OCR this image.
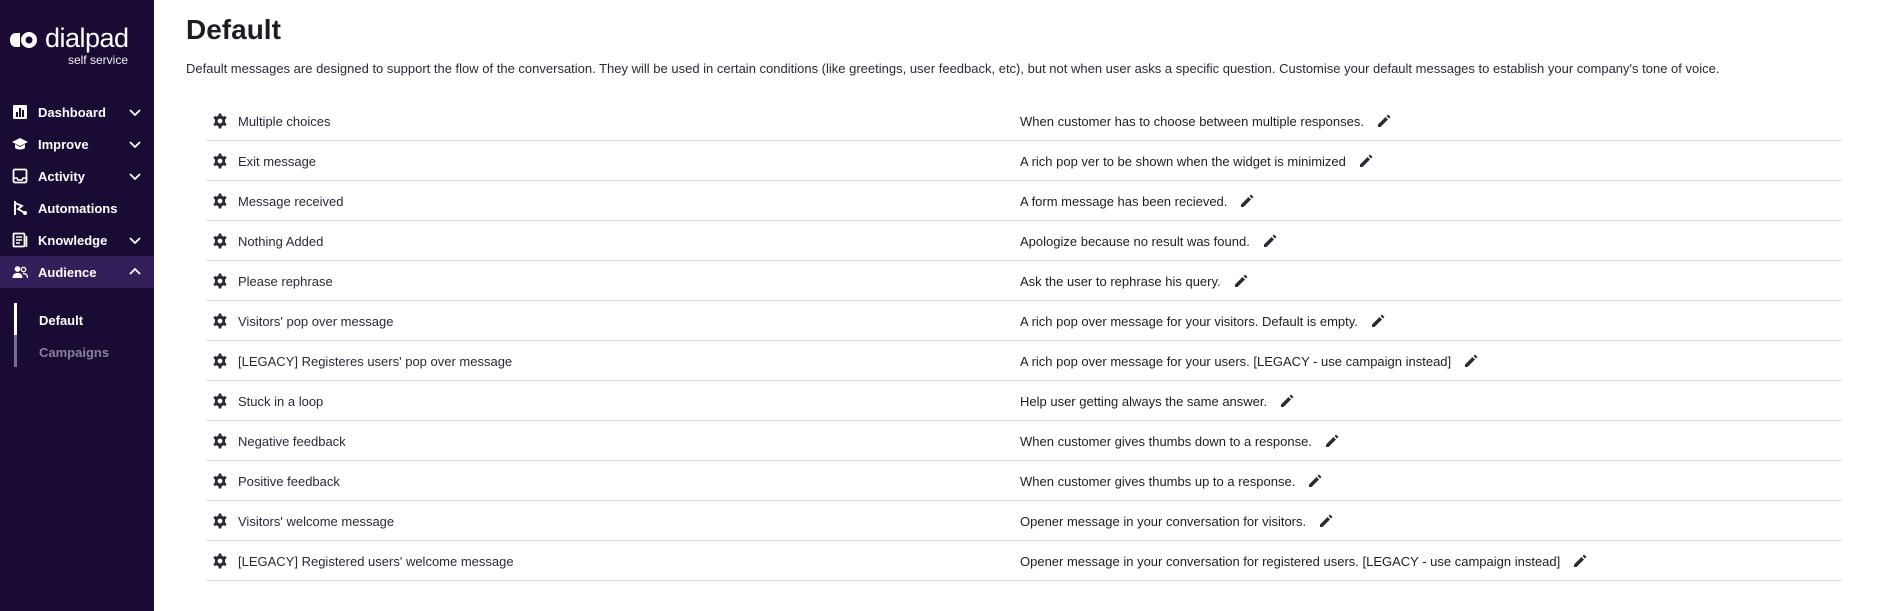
dialpad
self service
Dashboard
Improve
Activity
Automations
Knowledge
Audience
Default
Campaigns
Default

Default messages are designed to support the flow of the conversation. They will be used in certain conditions (like greetings, user feedback, etc), but not when user asks a specific question. Customise your default messages to establish your company's tone of voice.

Multiple choices	When customer has to choose between multiple responses.
Exit message	A rich pop ver to be shown when the widget is minimized
Message received	A form message has been recieved.
Nothing Added	Apologize because no result was found.
Please rephrase	Ask the user to rephrase his query.
Visitors' pop over message	A rich pop over message for your visitors. Default is empty.
[LEGACY] Registeres users' pop over message	A rich pop over message for your users. [LEGACY - use campaign instead]
Stuck in a loop	Help user getting always the same answer.
Negative feedback	When customer gives thumbs down to a response.
Positive feedback	When customer gives thumbs up to a response.
Visitors' welcome message	Opener message in your conversation for visitors.
[LEGACY] Registered users' welcome message	Opener message in your conversation for registered users. [LEGACY - use campaign instead]
